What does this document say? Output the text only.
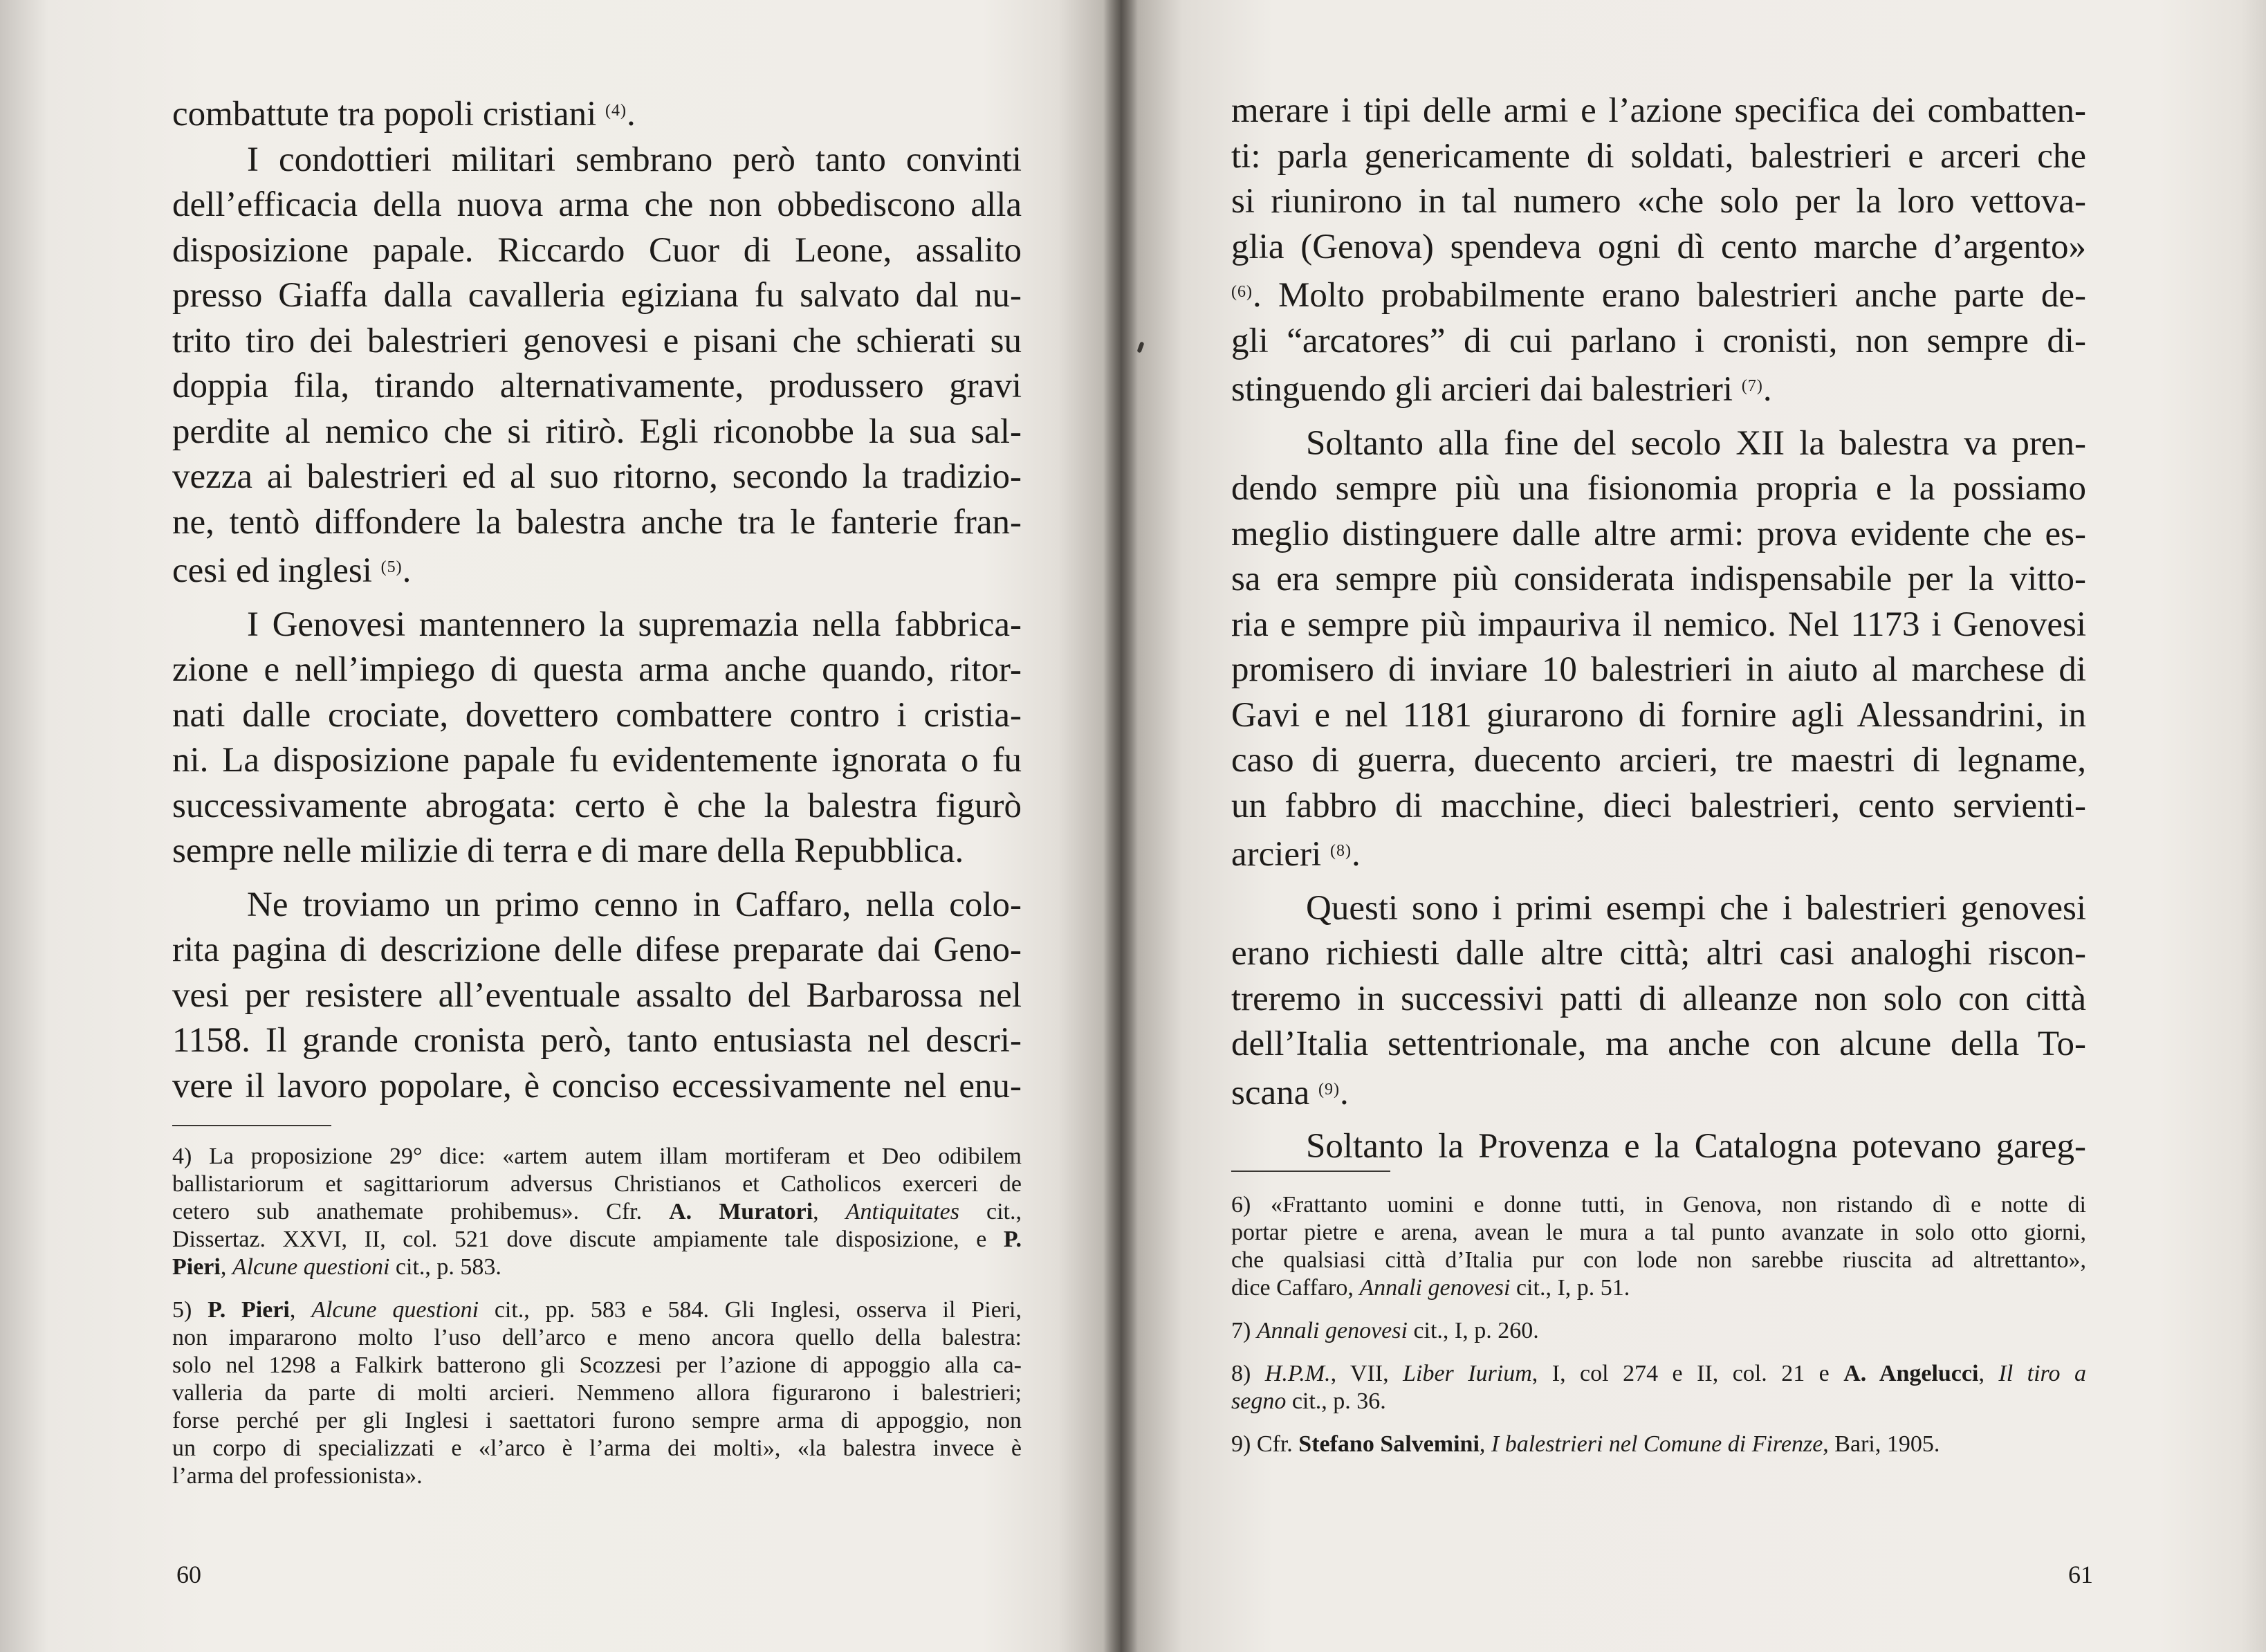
combattute tra popoli cristiani $^{(4)}$.
I condottieri militari sembrano però tanto convinti
dell’efficacia della nuova arma che non obbediscono alla
disposizione papale. Riccardo Cuor di Leone, assalito
presso Giaffa dalla cavalleria egiziana fu salvato dal nu-
trito tiro dei balestrieri genovesi e pisani che schierati su
doppia fila, tirando alternativamente, produssero gravi
perdite al nemico che si ritirò. Egli riconobbe la sua sal-
vezza ai balestrieri ed al suo ritorno, secondo la tradizio-
ne, tentò diffondere la balestra anche tra le fanterie fran-
cesi ed inglesi $^{(5)}$.
I Genovesi mantennero la supremazia nella fabbrica-
zione e nell’impiego di questa arma anche quando, ritor-
nati dalle crociate, dovettero combattere contro i cristia-
ni. La disposizione papale fu evidentemente ignorata o fu
successivamente abrogata: certo è che la balestra figurò
sempre nelle milizie di terra e di mare della Repubblica.
Ne troviamo un primo cenno in Caffaro, nella colo-
rita pagina di descrizione delle difese preparate dai Geno-
vesi per resistere all’eventuale assalto del Barbarossa nel
1158. Il grande cronista però, tanto entusiasta nel descri-
vere il lavoro popolare, è conciso eccessivamente nel enu-
4) La proposizione 29° dice: «artem autem illam mortiferam et Deo odibilem
ballistariorum et sagittariorum adversus Christianos et Catholicos exerceri de
cetero sub anathemate prohibemus». Cfr. A. Muratori, Antiquitates cit.,
Dissertaz. XXVI, II, col. 521 dove discute ampiamente tale disposizione, e P.
Pieri, Alcune questioni cit., p. 583.
5) P. Pieri, Alcune questioni cit., pp. 583 e 584. Gli Inglesi, osserva il Pieri,
non impararono molto l’uso dell’arco e meno ancora quello della balestra:
solo nel 1298 a Falkirk batterono gli Scozzesi per l’azione di appoggio alla ca-
valleria da parte di molti arcieri. Nemmeno allora figurarono i balestrieri;
forse perché per gli Inglesi i saettatori furono sempre arma di appoggio, non
un corpo di specializzati e «l’arco è l’arma dei molti», «la balestra invece è
l’arma del professionista».
60
merare i tipi delle armi e l’azione specifica dei combatten-
ti: parla genericamente di soldati, balestrieri e arceri che
si riunirono in tal numero «che solo per la loro vettova-
glia (Genova) spendeva ogni dì cento marche d’argento»
$^{(6)}$. Molto probabilmente erano balestrieri anche parte de-
gli “arcatores” di cui parlano i cronisti, non sempre di-
stinguendo gli arcieri dai balestrieri $^{(7)}$.
Soltanto alla fine del secolo XII la balestra va pren-
dendo sempre più una fisionomia propria e la possiamo
meglio distinguere dalle altre armi: prova evidente che es-
sa era sempre più considerata indispensabile per la vitto-
ria e sempre più impauriva il nemico. Nel 1173 i Genovesi
promisero di inviare 10 balestrieri in aiuto al marchese di
Gavi e nel 1181 giurarono di fornire agli Alessandrini, in
caso di guerra, duecento arcieri, tre maestri di legname,
un fabbro di macchine, dieci balestrieri, cento servienti-
arcieri $^{(8)}$.
Questi sono i primi esempi che i balestrieri genovesi
erano richiesti dalle altre città; altri casi analoghi riscon-
treremo in successivi patti di alleanze non solo con città
dell’Italia settentrionale, ma anche con alcune della To-
scana $^{(9)}$.
Soltanto la Provenza e la Catalogna potevano gareg-
6) «Frattanto uomini e donne tutti, in Genova, non ristando dì e notte di
portar pietre e arena, avean le mura a tal punto avanzate in solo otto giorni,
che qualsiasi città d’Italia pur con lode non sarebbe riuscita ad altrettanto»,
dice Caffaro, Annali genovesi cit., I, p. 51.
7) Annali genovesi cit., I, p. 260.
8) H.P.M., VII, Liber Iurium, I, col 274 e II, col. 21 e A. Angelucci, Il tiro a
segno cit., p. 36.
9) Cfr. Stefano Salvemini, I balestrieri nel Comune di Firenze, Bari, 1905.
61
